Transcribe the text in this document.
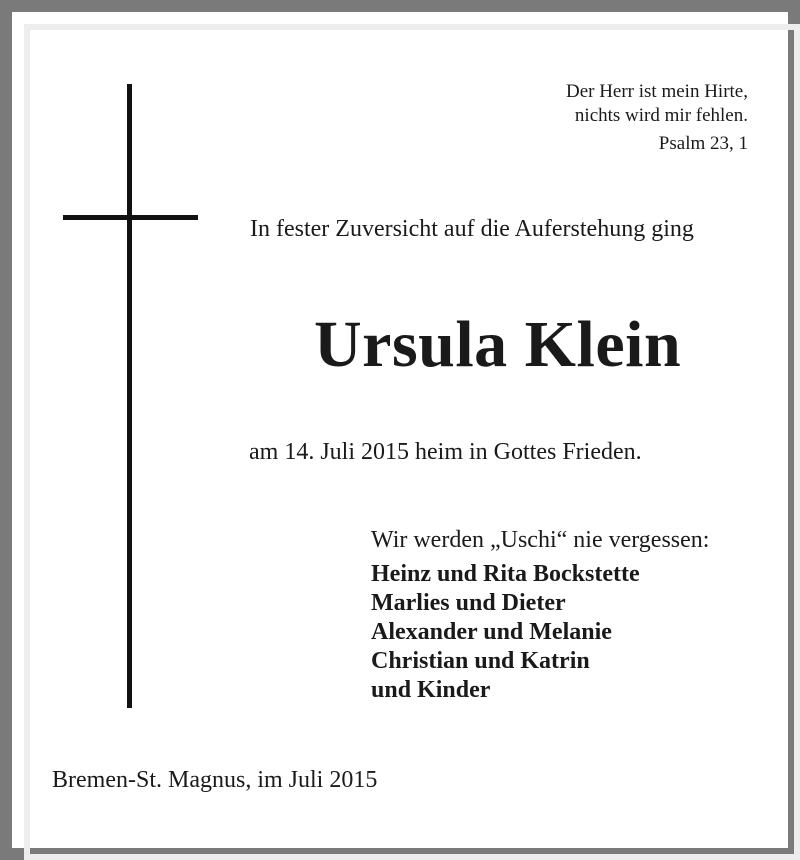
Der Herr ist mein Hirte,
nichts wird mir fehlen.
Psalm 23, 1
In fester Zuversicht auf die Auferstehung ging
Ursula Klein
am 14. Juli 2015 heim in Gottes Frieden.
Wir werden „Uschi“ nie vergessen:
Heinz und Rita Bockstette
Marlies und Dieter
Alexander und Melanie
Christian und Katrin
und Kinder
Bremen-St. Magnus, im Juli 2015
